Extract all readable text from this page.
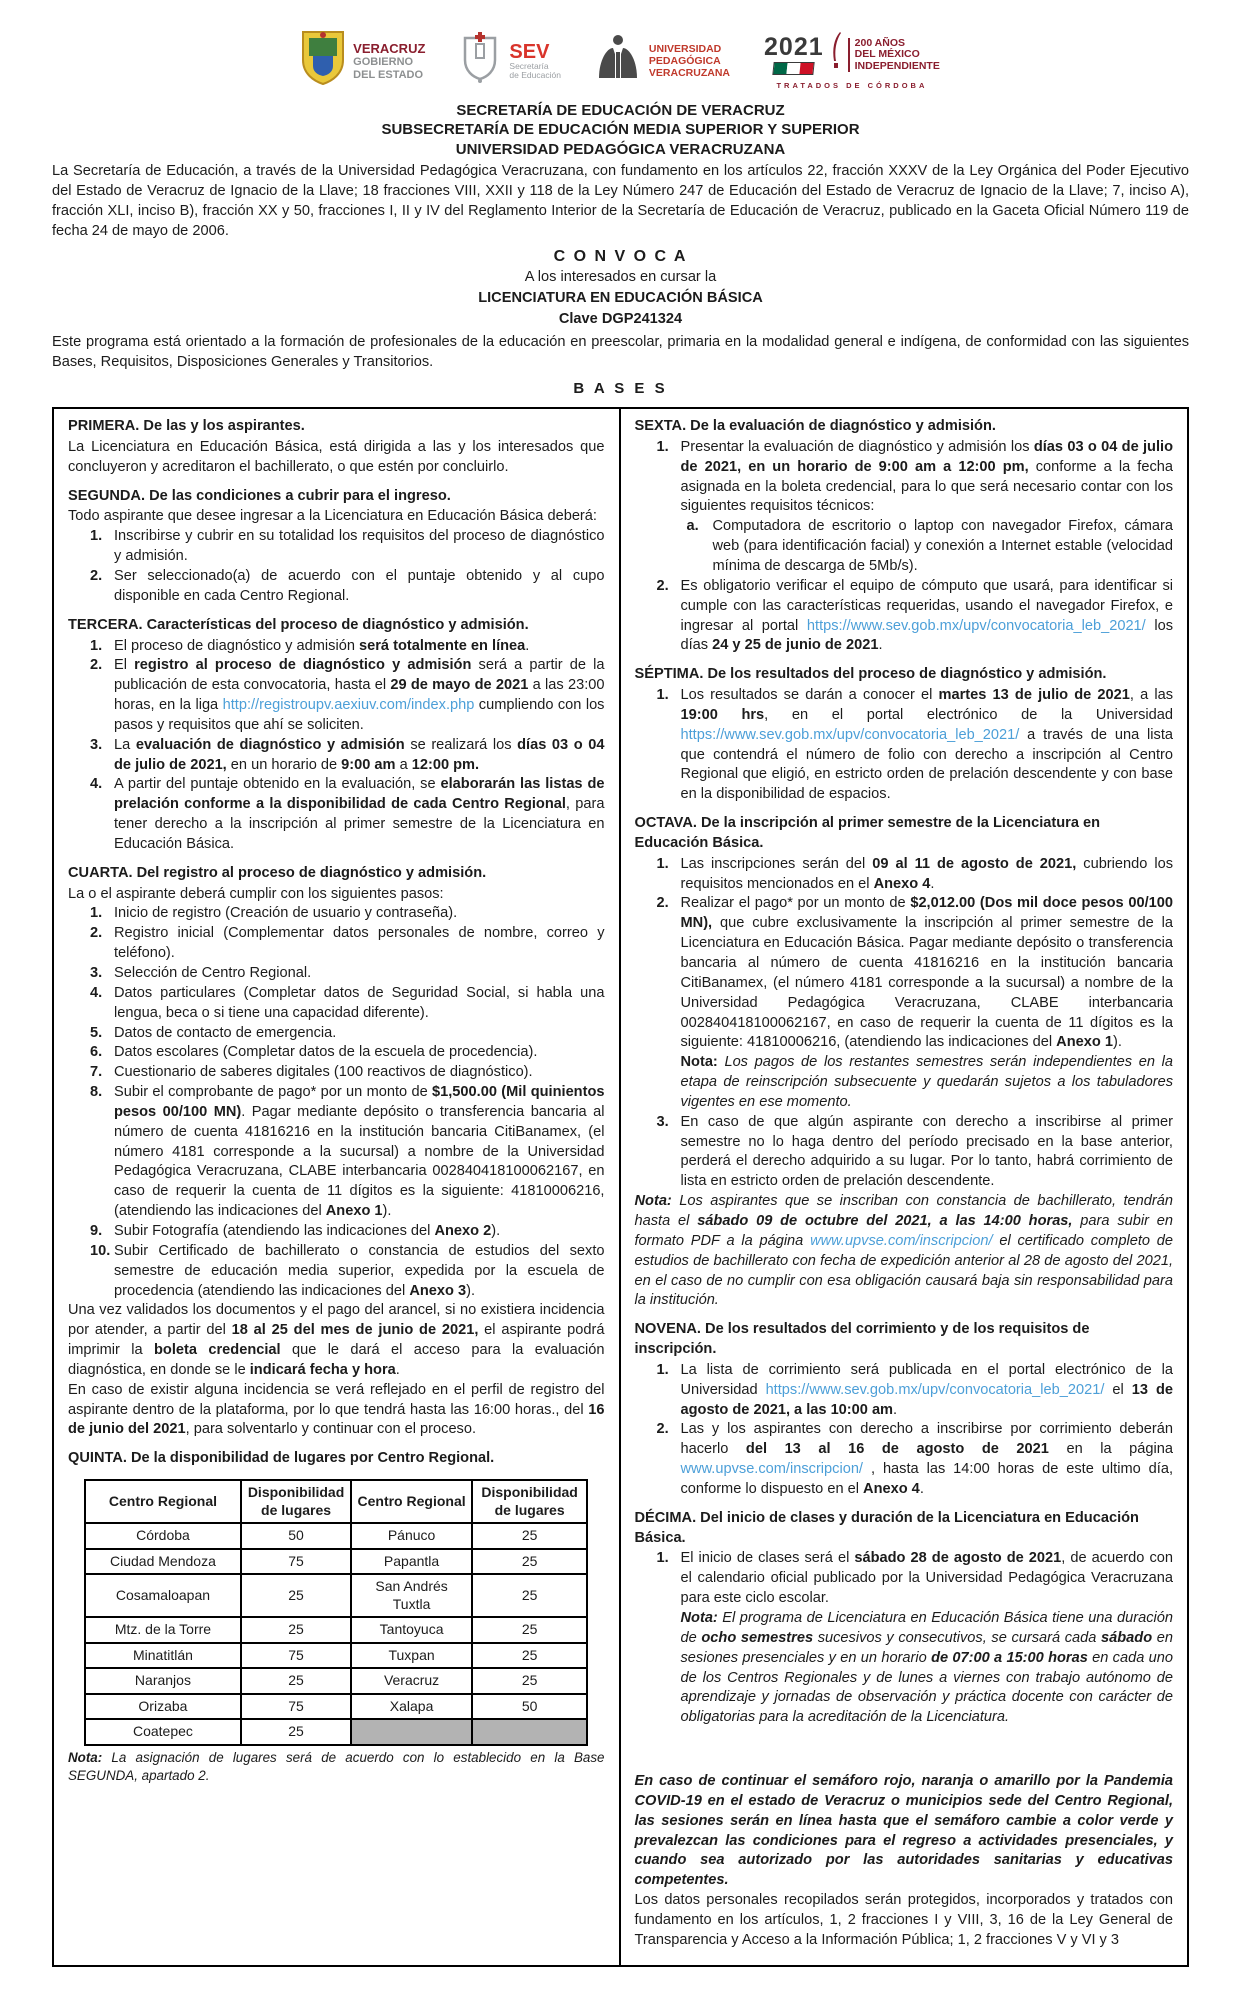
VERACRUZ
GOBIERNO
DEL ESTADO
SEV
Secretaría
de Educación
UNIVERSIDAD
PEDAGÓGICA
VERACRUZANA
2021	200 AÑOS
DEL MÉXICO
INDEPENDIENTE
TRATADOS DE CÓRDOBA
SECRETARÍA DE EDUCACIÓN DE VERACRUZ
SUBSECRETARÍA DE EDUCACIÓN MEDIA SUPERIOR Y SUPERIOR
UNIVERSIDAD PEDAGÓGICA VERACRUZANA

La Secretaría de Educación, a través de la Universidad Pedagógica Veracruzana, con fundamento en los artículos 22, fracción XXXV de la Ley Orgánica del Poder Ejecutivo del Estado de Veracruz de Ignacio de la Llave; 18 fracciones VIII, XXII y 118 de la Ley Número 247 de Educación del Estado de Veracruz de Ignacio de la Llave; 7, inciso A), fracción XLI, inciso B), fracción XX y 50, fracciones I, II y IV del Reglamento Interior de la Secretaría de Educación de Veracruz, publicado en la Gaceta Oficial Número 119 de fecha 24 de mayo de 2006.

C O N V O C A
A los interesados en cursar la
LICENCIATURA EN EDUCACIÓN BÁSICA
Clave DGP241324

Este programa está orientado a la formación de profesionales de la educación en preescolar, primaria en la modalidad general e indígena, de conformidad con las siguientes Bases, Requisitos, Disposiciones Generales y Transitorios.

B A S E S
PRIMERA. De las y los aspirantes.

La Licenciatura en Educación Básica, está dirigida a las y los interesados que concluyeron y acreditaron el bachillerato, o que estén por concluirlo.

SEGUNDA. De las condiciones a cubrir para el ingreso.

Todo aspirante que desee ingresar a la Licenciatura en Educación Básica deberá:

1. Inscribirse y cubrir en su totalidad los requisitos del proceso de diagnóstico y admisión.
2. Ser seleccionado(a) de acuerdo con el puntaje obtenido y al cupo disponible en cada Centro Regional.
TERCERA. Características del proceso de diagnóstico y admisión.
1. El proceso de diagnóstico y admisión será totalmente en línea.
2. El registro al proceso de diagnóstico y admisión será a partir de la publicación de esta convocatoria, hasta el 29 de mayo de 2021 a las 23:00 horas, en la liga http://registroupv.aexiuv.com/index.php cumpliendo con los pasos y requisitos que ahí se soliciten.
3. La evaluación de diagnóstico y admisión se realizará los días 03 o 04 de julio de 2021, en un horario de 9:00 am a 12:00 pm.
4. A partir del puntaje obtenido en la evaluación, se elaborarán las listas de prelación conforme a la disponibilidad de cada Centro Regional, para tener derecho a la inscripción al primer semestre de la Licenciatura en Educación Básica.
CUARTA. Del registro al proceso de diagnóstico y admisión.

La o el aspirante deberá cumplir con los siguientes pasos:

1. Inicio de registro (Creación de usuario y contraseña).
2. Registro inicial (Complementar datos personales de nombre, correo y teléfono).
3. Selección de Centro Regional.
4. Datos particulares (Completar datos de Seguridad Social, si habla una lengua, beca o si tiene una capacidad diferente).
5. Datos de contacto de emergencia.
6. Datos escolares (Completar datos de la escuela de procedencia).
7. Cuestionario de saberes digitales (100 reactivos de diagnóstico).
8. Subir el comprobante de pago* por un monto de $1,500.00 (Mil quinientos pesos 00/100 MN). Pagar mediante depósito o transferencia bancaria al número de cuenta 41816216 en la institución bancaria CitiBanamex, (el número 4181 corresponde a la sucursal) a nombre de la Universidad Pedagógica Veracruzana, CLABE interbancaria 002840418100062167, en caso de requerir la cuenta de 11 dígitos es la siguiente: 41810006216, (atendiendo las indicaciones del Anexo 1).
9. Subir Fotografía (atendiendo las indicaciones del Anexo 2).
10. Subir Certificado de bachillerato o constancia de estudios del sexto semestre de educación media superior, expedida por la escuela de procedencia (atendiendo las indicaciones del Anexo 3).

Una vez validados los documentos y el pago del arancel, si no existiera incidencia por atender, a partir del 18 al 25 del mes de junio de 2021, el aspirante podrá imprimir la boleta credencial que le dará el acceso para la evaluación diagnóstica, en donde se le indicará fecha y hora.

En caso de existir alguna incidencia se verá reflejado en el perfil de registro del aspirante dentro de la plataforma, por lo que tendrá hasta las 16:00 horas., del 16 de junio del 2021, para solventarlo y continuar con el proceso.

QUINTA. De la disponibilidad de lugares por Centro Regional.
Centro Regional	Disponibilidad de lugares	Centro Regional	Disponibilidad de lugares
Córdoba	50	Pánuco	25
Ciudad Mendoza	75	Papantla	25
Cosamaloapan	25	San Andrés Tuxtla	25
Mtz. de la Torre	25	Tantoyuca	25
Minatitlán	75	Tuxpan	25
Naranjos	25	Veracruz	25
Orizaba	75	Xalapa	50
Coatepec	25		

Nota: La asignación de lugares será de acuerdo con lo establecido en la Base SEGUNDA, apartado 2.

SEXTA. De la evaluación de diagnóstico y admisión.
1. Presentar la evaluación de diagnóstico y admisión los días 03 o 04 de julio de 2021, en un horario de 9:00 am a 12:00 pm, conforme a la fecha asignada en la boleta credencial, para lo que será necesario contar con los siguientes requisitos técnicos:
a. Computadora de escritorio o laptop con navegador Firefox, cámara web (para identificación facial) y conexión a Internet estable (velocidad mínima de descarga de 5Mb/s).
2. Es obligatorio verificar el equipo de cómputo que usará, para identificar si cumple con las características requeridas, usando el navegador Firefox, e ingresar al portal https://www.sev.gob.mx/upv/convocatoria_leb_2021/ los días 24 y 25 de junio de 2021.
SÉPTIMA. De los resultados del proceso de diagnóstico y admisión.
1. Los resultados se darán a conocer el martes 13 de julio de 2021, a las 19:00 hrs, en el portal electrónico de la Universidad https://www.sev.gob.mx/upv/convocatoria_leb_2021/ a través de una lista que contendrá el número de folio con derecho a inscripción al Centro Regional que eligió, en estricto orden de prelación descendente y con base en la disponibilidad de espacios.
OCTAVA. De la inscripción al primer semestre de la Licenciatura en Educación Básica.
1. Las inscripciones serán del 09 al 11 de agosto de 2021, cubriendo los requisitos mencionados en el Anexo 4.
2. Realizar el pago* por un monto de $2,012.00 (Dos mil doce pesos 00/100 MN), que cubre exclusivamente la inscripción al primer semestre de la Licenciatura en Educación Básica. Pagar mediante depósito o transferencia bancaria al número de cuenta 41816216 en la institución bancaria CitiBanamex, (el número 4181 corresponde a la sucursal) a nombre de la Universidad Pedagógica Veracruzana, CLABE interbancaria 002840418100062167, en caso de requerir la cuenta de 11 dígitos es la siguiente: 41810006216, (atendiendo las indicaciones del Anexo 1).
Nota: Los pagos de los restantes semestres serán independientes en la etapa de reinscripción subsecuente y quedarán sujetos a los tabuladores vigentes en ese momento.
3. En caso de que algún aspirante con derecho a inscribirse al primer semestre no lo haga dentro del período precisado en la base anterior, perderá el derecho adquirido a su lugar. Por lo tanto, habrá corrimiento de lista en estricto orden de prelación descendente.

Nota: Los aspirantes que se inscriban con constancia de bachillerato, tendrán hasta el sábado 09 de octubre del 2021, a las 14:00 horas, para subir en formato PDF a la página www.upvse.com/inscripcion/ el certificado completo de estudios de bachillerato con fecha de expedición anterior al 28 de agosto del 2021, en el caso de no cumplir con esa obligación causará baja sin responsabilidad para la institución.

NOVENA. De los resultados del corrimiento y de los requisitos de inscripción.
1. La lista de corrimiento será publicada en el portal electrónico de la Universidad https://www.sev.gob.mx/upv/convocatoria_leb_2021/ el 13 de agosto de 2021, a las 10:00 am.
2. Las y los aspirantes con derecho a inscribirse por corrimiento deberán hacerlo del 13 al 16 de agosto de 2021 en la página www.upvse.com/inscripcion/ , hasta las 14:00 horas de este ultimo día, conforme lo dispuesto en el Anexo 4.
DÉCIMA. Del inicio de clases y duración de la Licenciatura en Educación Básica.
1. El inicio de clases será el sábado 28 de agosto de 2021, de acuerdo con el calendario oficial publicado por la Universidad Pedagógica Veracruzana para este ciclo escolar.
Nota: El programa de Licenciatura en Educación Básica tiene una duración de ocho semestres sucesivos y consecutivos, se cursará cada sábado en sesiones presenciales y en un horario de 07:00 a 15:00 horas en cada uno de los Centros Regionales y de lunes a viernes con trabajo autónomo de aprendizaje y jornadas de observación y práctica docente con carácter de obligatorias para la acreditación de la Licenciatura.

En caso de continuar el semáforo rojo, naranja o amarillo por la Pandemia COVID-19 en el estado de Veracruz o municipios sede del Centro Regional, las sesiones serán en línea hasta que el semáforo cambie a color verde y prevalezcan las condiciones para el regreso a actividades presenciales, y cuando sea autorizado por las autoridades sanitarias y educativas competentes.

Los datos personales recopilados serán protegidos, incorporados y tratados con fundamento en los artículos, 1, 2 fracciones I y VIII, 3, 16 de la Ley General de Transparencia y Acceso a la Información Pública; 1, 2 fracciones V y VI y 3
